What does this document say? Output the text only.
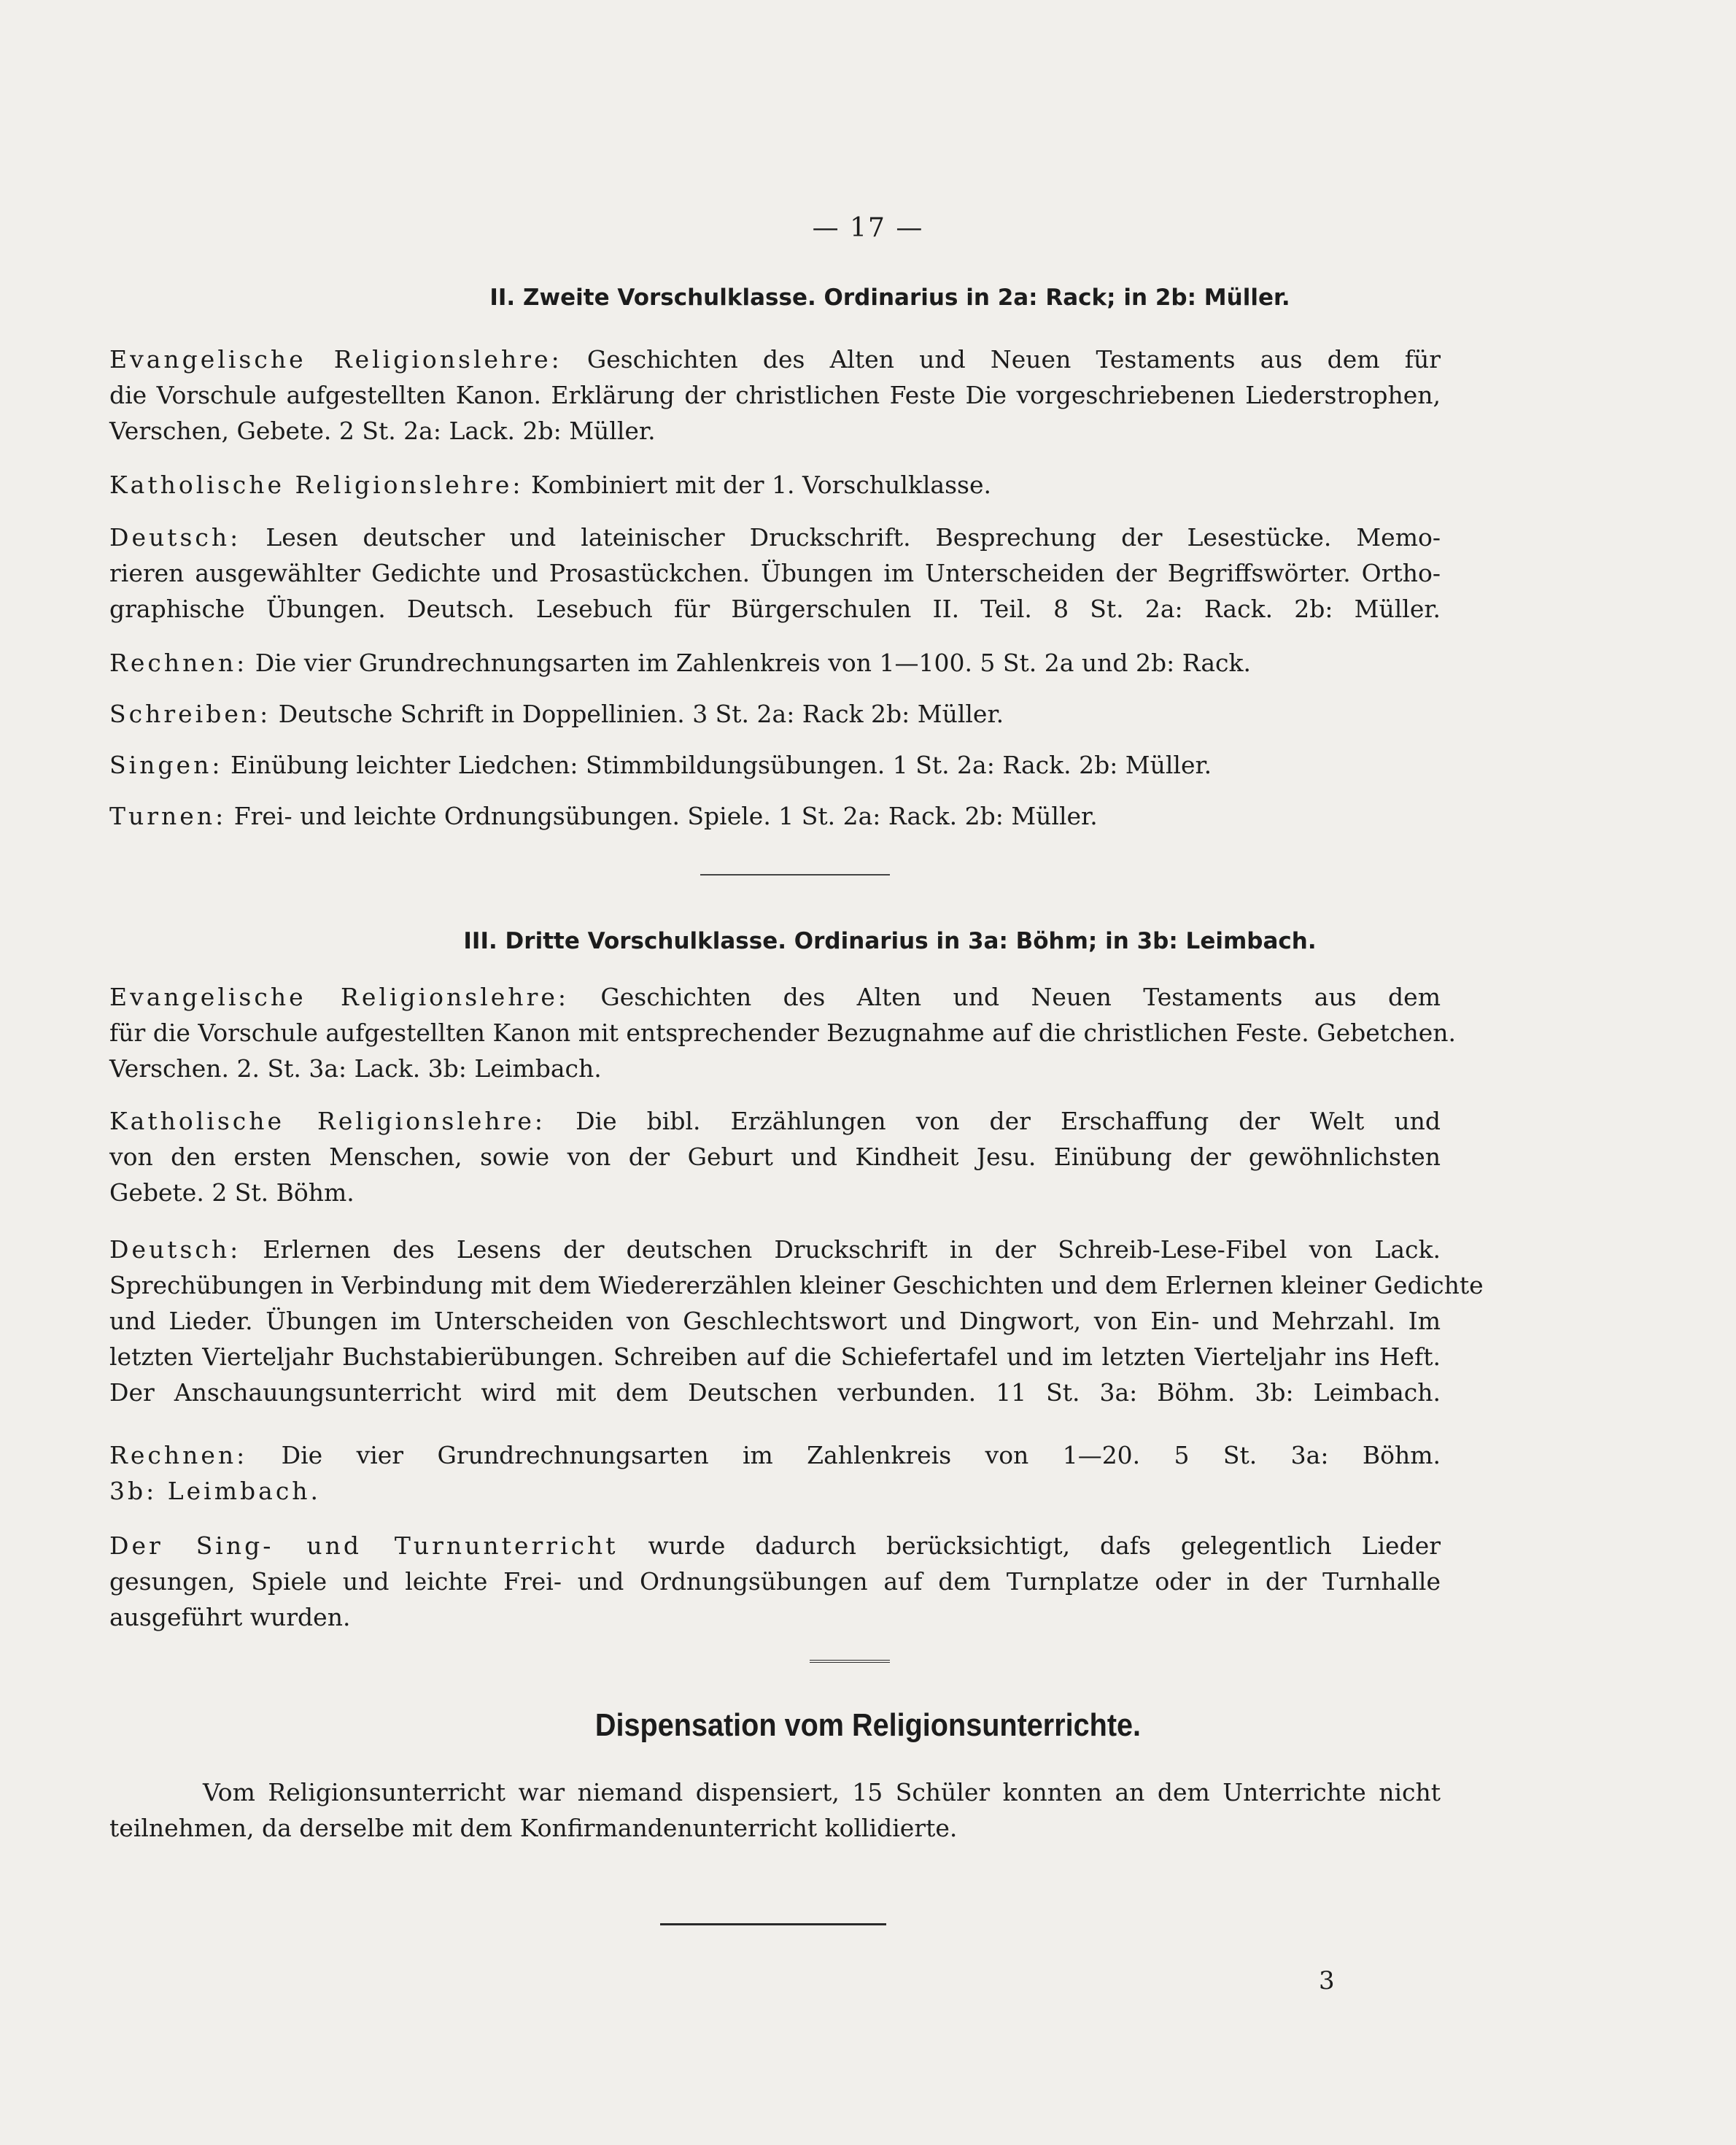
— 17 —
II. Zweite Vorschulklasse. Ordinarius in 2a: Rack; in 2b: Müller.

Evangelische Religionslehre: Geschichten des Alten und Neuen Testaments aus dem für
die Vorschule aufgestellten Kanon. Erklärung der christlichen Feste Die vorgeschriebenen Liederstrophen,
Verschen, Gebete. 2 St. 2a: Lack. 2b: Müller.

Katholische Religionslehre: Kombiniert mit der 1. Vorschulklasse.

Deutsch: Lesen deutscher und lateinischer Druckschrift. Besprechung der Lesestücke. Memo-
rieren ausgewählter Gedichte und Prosastückchen. Übungen im Unterscheiden der Begriffswörter. Ortho-
graphische Übungen. Deutsch. Lesebuch für Bürgerschulen II. Teil. 8 St. 2a: Rack. 2b: Müller.

Rechnen: Die vier Grundrechnungsarten im Zahlenkreis von 1—100. 5 St. 2a und 2b: Rack.

Schreiben: Deutsche Schrift in Doppellinien. 3 St. 2a: Rack 2b: Müller.

Singen: Einübung leichter Liedchen: Stimmbildungsübungen. 1 St. 2a: Rack. 2b: Müller.

Turnen: Frei- und leichte Ordnungsübungen. Spiele. 1 St. 2a: Rack. 2b: Müller.

III. Dritte Vorschulklasse. Ordinarius in 3a: Böhm; in 3b: Leimbach.

Evangelische Religionslehre: Geschichten des Alten und Neuen Testaments aus dem
für die Vorschule aufgestellten Kanon mit entsprechender Bezugnahme auf die christlichen Feste. Gebetchen.
Verschen. 2. St. 3a: Lack. 3b: Leimbach.

Katholische Religionslehre: Die bibl. Erzählungen von der Erschaffung der Welt und
von den ersten Menschen, sowie von der Geburt und Kindheit Jesu. Einübung der gewöhnlichsten
Gebete. 2 St. Böhm.

Deutsch: Erlernen des Lesens der deutschen Druckschrift in der Schreib-Lese-Fibel von Lack.
Sprechübungen in Verbindung mit dem Wiedererzählen kleiner Geschichten und dem Erlernen kleiner Gedichte
und Lieder. Übungen im Unterscheiden von Geschlechtswort und Dingwort, von Ein- und Mehrzahl. Im
letzten Vierteljahr Buchstabierübungen. Schreiben auf die Schiefertafel und im letzten Vierteljahr ins Heft.
Der Anschauungsunterricht wird mit dem Deutschen verbunden. 11 St. 3a: Böhm. 3b: Leimbach.

Rechnen: Die vier Grundrechnungsarten im Zahlenkreis von 1—20. 5 St. 3a: Böhm.
3b: Leimbach.

Der Sing- und Turnunterricht wurde dadurch berücksichtigt, dafs gelegentlich Lieder
gesungen, Spiele und leichte Frei- und Ordnungsübungen auf dem Turnplatze oder in der Turnhalle
ausgeführt wurden.

Dispensation vom Religionsunterrichte.

Vom Religionsunterricht war niemand dispensiert, 15 Schüler konnten an dem Unterrichte nicht
teilnehmen, da derselbe mit dem Konfirmandenunterricht kollidierte.

3
